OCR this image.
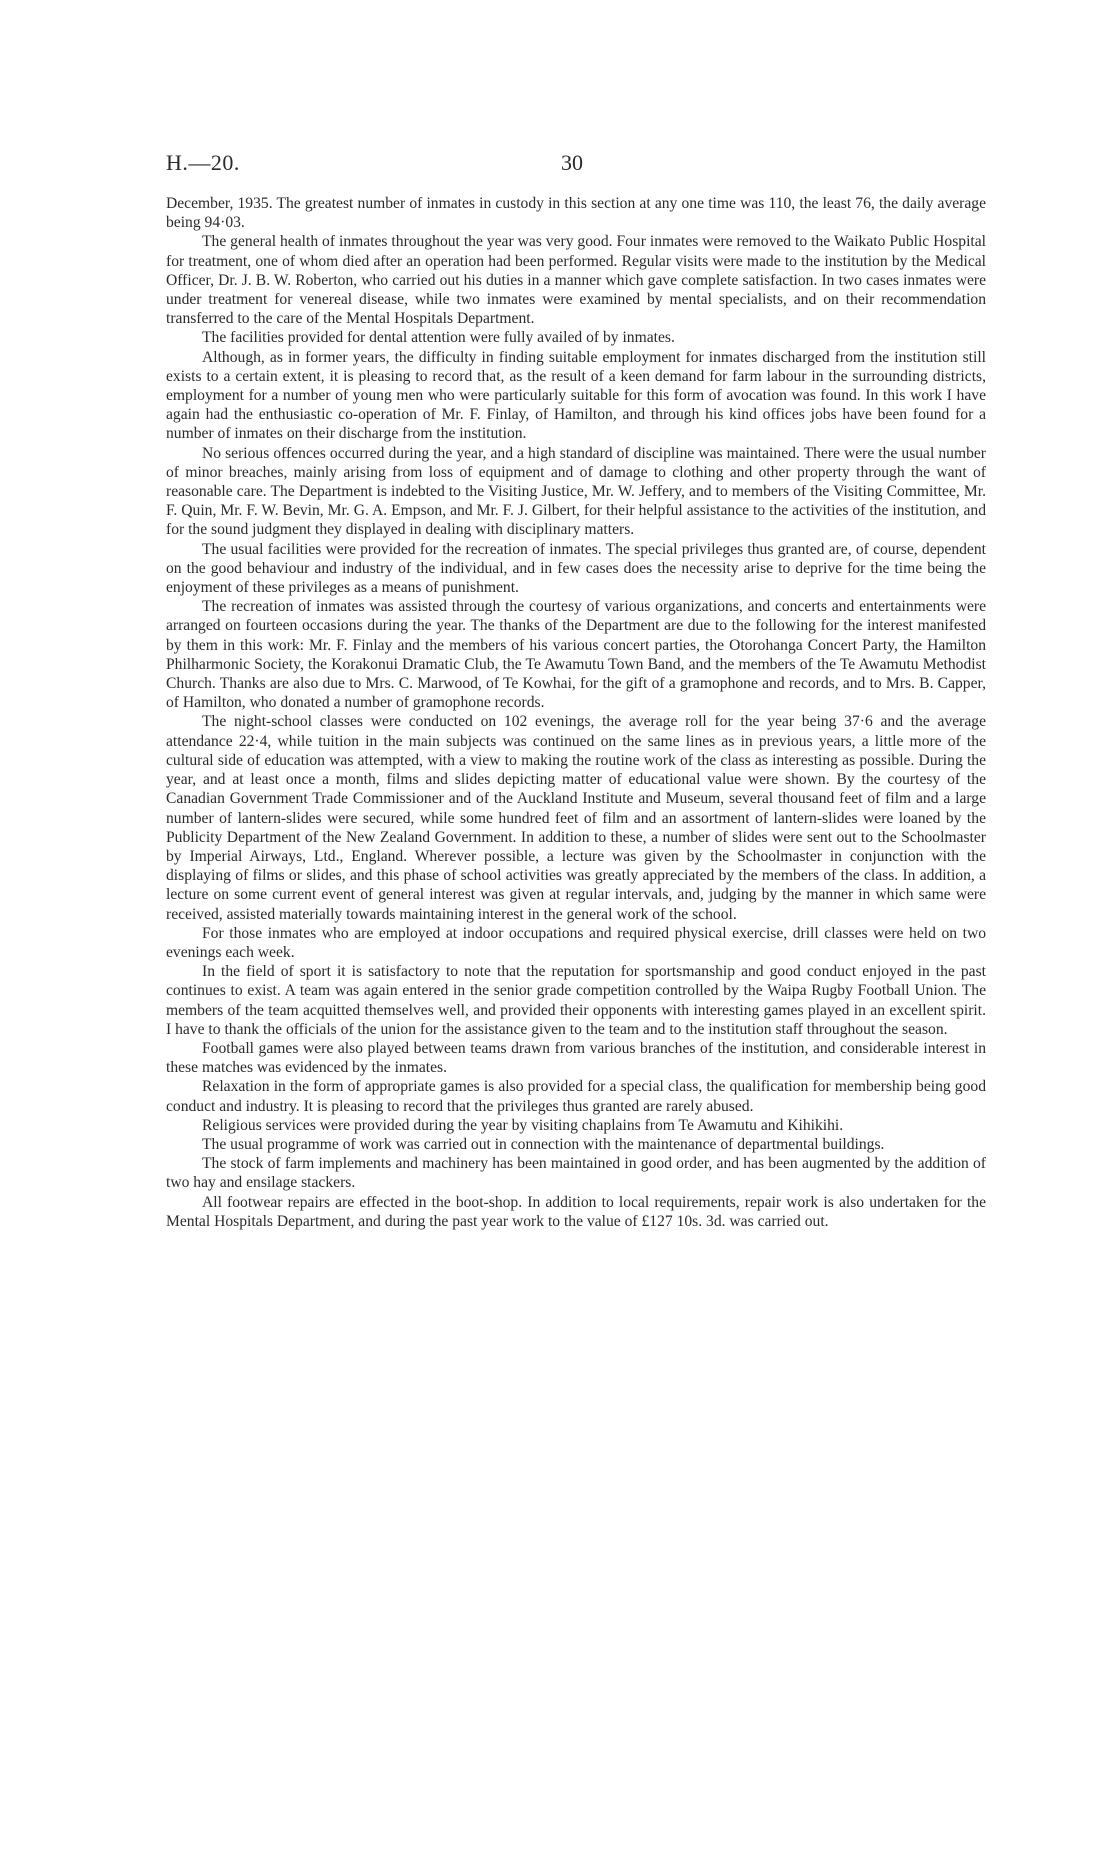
H.—20.	30

December, 1935. The greatest number of inmates in custody in this section at any one time was 110, the least 76, the daily average being 94·03.

The general health of inmates throughout the year was very good. Four inmates were removed to the Waikato Public Hospital for treatment, one of whom died after an operation had been performed. Regular visits were made to the institution by the Medical Officer, Dr. J. B. W. Roberton, who carried out his duties in a manner which gave complete satisfaction. In two cases inmates were under treatment for venereal disease, while two inmates were examined by mental specialists, and on their recommendation transferred to the care of the Mental Hospitals Department.

The facilities provided for dental attention were fully availed of by inmates.

Although, as in former years, the difficulty in finding suitable employment for inmates discharged from the institution still exists to a certain extent, it is pleasing to record that, as the result of a keen demand for farm labour in the surrounding districts, employment for a number of young men who were particularly suitable for this form of avocation was found. In this work I have again had the enthusiastic co-operation of Mr. F. Finlay, of Hamilton, and through his kind offices jobs have been found for a number of inmates on their discharge from the institution.

No serious offences occurred during the year, and a high standard of discipline was maintained. There were the usual number of minor breaches, mainly arising from loss of equipment and of damage to clothing and other property through the want of reasonable care. The Department is indebted to the Visiting Justice, Mr. W. Jeffery, and to members of the Visiting Committee, Mr. F. Quin, Mr. F. W. Bevin, Mr. G. A. Empson, and Mr. F. J. Gilbert, for their helpful assistance to the activities of the institution, and for the sound judgment they displayed in dealing with disciplinary matters.

The usual facilities were provided for the recreation of inmates. The special privileges thus granted are, of course, dependent on the good behaviour and industry of the individual, and in few cases does the necessity arise to deprive for the time being the enjoyment of these privileges as a means of punishment.

The recreation of inmates was assisted through the courtesy of various organizations, and concerts and entertainments were arranged on fourteen occasions during the year. The thanks of the Department are due to the following for the interest manifested by them in this work: Mr. F. Finlay and the members of his various concert parties, the Otorohanga Concert Party, the Hamilton Philharmonic Society, the Korakonui Dramatic Club, the Te Awamutu Town Band, and the members of the Te Awamutu Methodist Church. Thanks are also due to Mrs. C. Marwood, of Te Kowhai, for the gift of a gramophone and records, and to Mrs. B. Capper, of Hamilton, who donated a number of gramophone records.

The night-school classes were conducted on 102 evenings, the average roll for the year being 37·6 and the average attendance 22·4, while tuition in the main subjects was continued on the same lines as in previous years, a little more of the cultural side of education was attempted, with a view to making the routine work of the class as interesting as possible. During the year, and at least once a month, films and slides depicting matter of educational value were shown. By the courtesy of the Canadian Government Trade Commissioner and of the Auckland Institute and Museum, several thousand feet of film and a large number of lantern-slides were secured, while some hundred feet of film and an assortment of lantern-slides were loaned by the Publicity Department of the New Zealand Government. In addition to these, a number of slides were sent out to the Schoolmaster by Imperial Airways, Ltd., England. Wherever possible, a lecture was given by the Schoolmaster in conjunction with the displaying of films or slides, and this phase of school activities was greatly appreciated by the members of the class. In addition, a lecture on some current event of general interest was given at regular intervals, and, judging by the manner in which same were received, assisted materially towards maintaining interest in the general work of the school.

For those inmates who are employed at indoor occupations and required physical exercise, drill classes were held on two evenings each week.

In the field of sport it is satisfactory to note that the reputation for sportsmanship and good conduct enjoyed in the past continues to exist. A team was again entered in the senior grade competition controlled by the Waipa Rugby Football Union. The members of the team acquitted themselves well, and provided their opponents with interesting games played in an excellent spirit. I have to thank the officials of the union for the assistance given to the team and to the institution staff throughout the season.

Football games were also played between teams drawn from various branches of the institution, and considerable interest in these matches was evidenced by the inmates.

Relaxation in the form of appropriate games is also provided for a special class, the qualification for membership being good conduct and industry. It is pleasing to record that the privileges thus granted are rarely abused.

Religious services were provided during the year by visiting chaplains from Te Awamutu and Kihikihi.

The usual programme of work was carried out in connection with the maintenance of departmental buildings.

The stock of farm implements and machinery has been maintained in good order, and has been augmented by the addition of two hay and ensilage stackers.

All footwear repairs are effected in the boot-shop. In addition to local requirements, repair work is also undertaken for the Mental Hospitals Department, and during the past year work to the value of £127 10s. 3d. was carried out.
